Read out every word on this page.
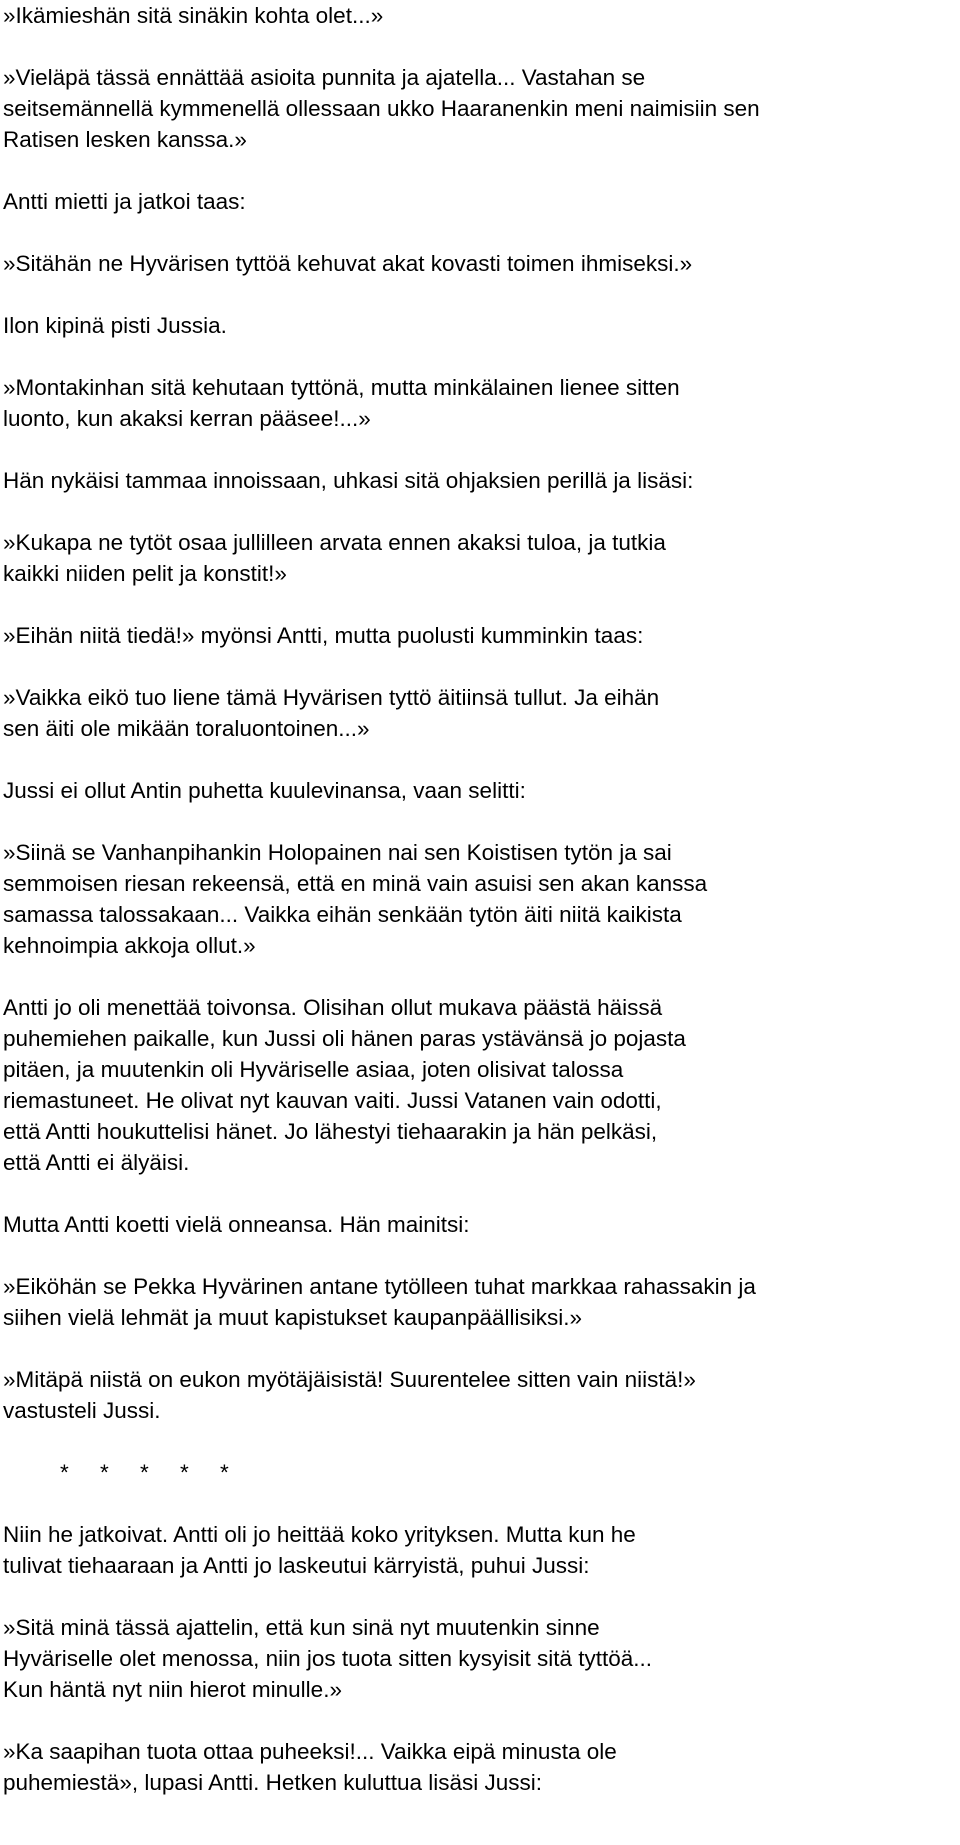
»Ikämieshän sitä sinäkin kohta olet...»

»Vieläpä tässä ennättää asioita punnita ja ajatella... Vastahan se
seitsemännellä kymmenellä ollessaan ukko Haaranenkin meni naimisiin sen
Ratisen lesken kanssa.»

Antti mietti ja jatkoi taas:

»Sitähän ne Hyvärisen tyttöä kehuvat akat kovasti toimen ihmiseksi.»

Ilon kipinä pisti Jussia.

»Montakinhan sitä kehutaan tyttönä, mutta minkälainen lienee sitten
luonto, kun akaksi kerran pääsee!...»

Hän nykäisi tammaa innoissaan, uhkasi sitä ohjaksien perillä ja lisäsi:

»Kukapa ne tytöt osaa jullilleen arvata ennen akaksi tuloa, ja tutkia
kaikki niiden pelit ja konstit!»

»Eihän niitä tiedä!» myönsi Antti, mutta puolusti kumminkin taas:

»Vaikka eikö tuo liene tämä Hyvärisen tyttö äitiinsä tullut. Ja eihän
sen äiti ole mikään toraluontoinen...»

Jussi ei ollut Antin puhetta kuulevinansa, vaan selitti:

»Siinä se Vanhanpihankin Holopainen nai sen Koistisen tytön ja sai
semmoisen riesan rekeensä, että en minä vain asuisi sen akan kanssa
samassa talossakaan... Vaikka eihän senkään tytön äiti niitä kaikista
kehnoimpia akkoja ollut.»

Antti jo oli menettää toivonsa. Olisihan ollut mukava päästä häissä
puhemiehen paikalle, kun Jussi oli hänen paras ystävänsä jo pojasta
pitäen, ja muutenkin oli Hyväriselle asiaa, joten olisivat talossa
riemastuneet. He olivat nyt kauvan vaiti. Jussi Vatanen vain odotti,
että Antti houkuttelisi hänet. Jo lähestyi tiehaarakin ja hän pelkäsi,
että Antti ei älyäisi.

Mutta Antti koetti vielä onneansa. Hän mainitsi:

»Eiköhän se Pekka Hyvärinen antane tytölleen tuhat markkaa rahassakin ja
siihen vielä lehmät ja muut kapistukset kaupanpäällisiksi.»

»Mitäpä niistä on eukon myötäjäisistä! Suurentelee sitten vain niistä!»
vastusteli Jussi.

*     *     *     *     *

Niin he jatkoivat. Antti oli jo heittää koko yrityksen. Mutta kun he
tulivat tiehaaraan ja Antti jo laskeutui kärryistä, puhui Jussi:

»Sitä minä tässä ajattelin, että kun sinä nyt muutenkin sinne
Hyväriselle olet menossa, niin jos tuota sitten kysyisit sitä tyttöä...
Kun häntä nyt niin hierot minulle.»

»Ka saapihan tuota ottaa puheeksi!... Vaikka eipä minusta ole
puhemiestä», lupasi Antti. Hetken kuluttua lisäsi Jussi:
